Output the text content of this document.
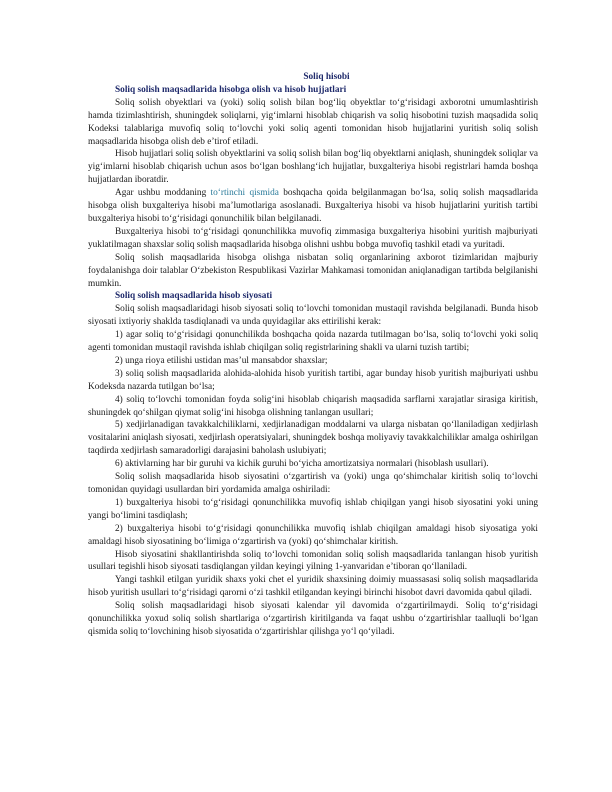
Soliq hisobi

Soliq solish maqsadlarida hisobga olish va hisob hujjatlari

Soliq solish obyektlari va (yoki) soliq solish bilan bog‘liq obyektlar to‘g‘risidagi axborotni umumlashtirish hamda tizimlashtirish, shuningdek soliqlarni, yig‘imlarni hisoblab chiqarish va soliq hisobotini tuzish maqsadida soliq Kodeksi talablariga muvofiq soliq to‘lovchi yoki soliq agenti tomonidan hisob hujjatlarini yuritish soliq solish maqsadlarida hisobga olish deb e’tirof etiladi.

Hisob hujjatlari soliq solish obyektlarini va soliq solish bilan bog‘liq obyektlarni aniqlash, shuningdek soliqlar va yig‘imlarni hisoblab chiqarish uchun asos bo‘lgan boshlang‘ich hujjatlar, buxgalteriya hisobi registrlari hamda boshqa hujjatlardan iboratdir.

Agar ushbu moddaning to‘rtinchi qismida boshqacha qoida belgilanmagan bo‘lsa, soliq solish maqsadlarida hisobga olish buxgalteriya hisobi ma’lumotlariga asoslanadi. Buxgalteriya hisobi va hisob hujjatlarini yuritish tartibi buxgalteriya hisobi to‘g‘risidagi qonunchilik bilan belgilanadi.

Buxgalteriya hisobi to‘g‘risidagi qonunchilikka muvofiq zimmasiga buxgalteriya hisobini yuritish majburiyati yuklatilmagan shaxslar soliq solish maqsadlarida hisobga olishni ushbu bobga muvofiq tashkil etadi va yuritadi.

Soliq solish maqsadlarida hisobga olishga nisbatan soliq organlarining axborot tizimlaridan majburiy foydalanishga doir talablar O‘zbekiston Respublikasi Vazirlar Mahkamasi tomonidan aniqlanadigan tartibda belgilanishi mumkin.

Soliq solish maqsadlarida hisob siyosati

Soliq solish maqsadlaridagi hisob siyosati soliq to‘lovchi tomonidan mustaqil ravishda belgilanadi. Bunda hisob siyosati ixtiyoriy shaklda tasdiqlanadi va unda quyidagilar aks ettirilishi kerak:

1) agar soliq to‘g‘risidagi qonunchilikda boshqacha qoida nazarda tutilmagan bo‘lsa, soliq to‘lovchi yoki soliq agenti tomonidan mustaqil ravishda ishlab chiqilgan soliq registrlarining shakli va ularni tuzish tartibi;

2) unga rioya etilishi ustidan mas’ul mansabdor shaxslar;

3) soliq solish maqsadlarida alohida-alohida hisob yuritish tartibi, agar bunday hisob yuritish majburiyati ushbu Kodeksda nazarda tutilgan bo‘lsa;

4) soliq to‘lovchi tomonidan foyda solig‘ini hisoblab chiqarish maqsadida sarflarni xarajatlar sirasiga kiritish, shuningdek qo‘shilgan qiymat solig‘ini hisobga olishning tanlangan usullari;

5) xedjirlanadigan tavakkalchiliklarni, xedjirlanadigan moddalarni va ularga nisbatan qo‘llaniladigan xedjirlash vositalarini aniqlash siyosati, xedjirlash operatsiyalari, shuningdek boshqa moliyaviy tavakkalchiliklar amalga oshirilgan taqdirda xedjirlash samaradorligi darajasini baholash uslubiyati;

6) aktivlarning har bir guruhi va kichik guruhi bo‘yicha amortizatsiya normalari (hisoblash usullari).

Soliq solish maqsadlarida hisob siyosatini o‘zgartirish va (yoki) unga qo‘shimchalar kiritish soliq to‘lovchi tomonidan quyidagi usullardan biri yordamida amalga oshiriladi:

1) buxgalteriya hisobi to‘g‘risidagi qonunchilikka muvofiq ishlab chiqilgan yangi hisob siyosatini yoki uning yangi bo‘limini tasdiqlash;

2) buxgalteriya hisobi to‘g‘risidagi qonunchilikka muvofiq ishlab chiqilgan amaldagi hisob siyosatiga yoki amaldagi hisob siyosatining bo‘limiga o‘zgartirish va (yoki) qo‘shimchalar kiritish.

Hisob siyosatini shakllantirishda soliq to‘lovchi tomonidan soliq solish maqsadlarida tanlangan hisob yuritish usullari tegishli hisob siyosati tasdiqlangan yildan keyingi yilning 1-yanvaridan e’tiboran qo‘llaniladi.

Yangi tashkil etilgan yuridik shaxs yoki chet el yuridik shaxsining doimiy muassasasi soliq solish maqsadlarida hisob yuritish usullari to‘g‘risidagi qarorni o‘zi tashkil etilgandan keyingi birinchi hisobot davri davomida qabul qiladi.

Soliq solish maqsadlaridagi hisob siyosati kalendar yil davomida o‘zgartirilmaydi. Soliq to‘g‘risidagi qonunchilikka yoxud soliq solish shartlariga o‘zgartirish kiritilganda va faqat ushbu o‘zgartirishlar taalluqli bo‘lgan qismida soliq to‘lovchining hisob siyosatida o‘zgartirishlar qilishga yo‘l qo‘yiladi.
